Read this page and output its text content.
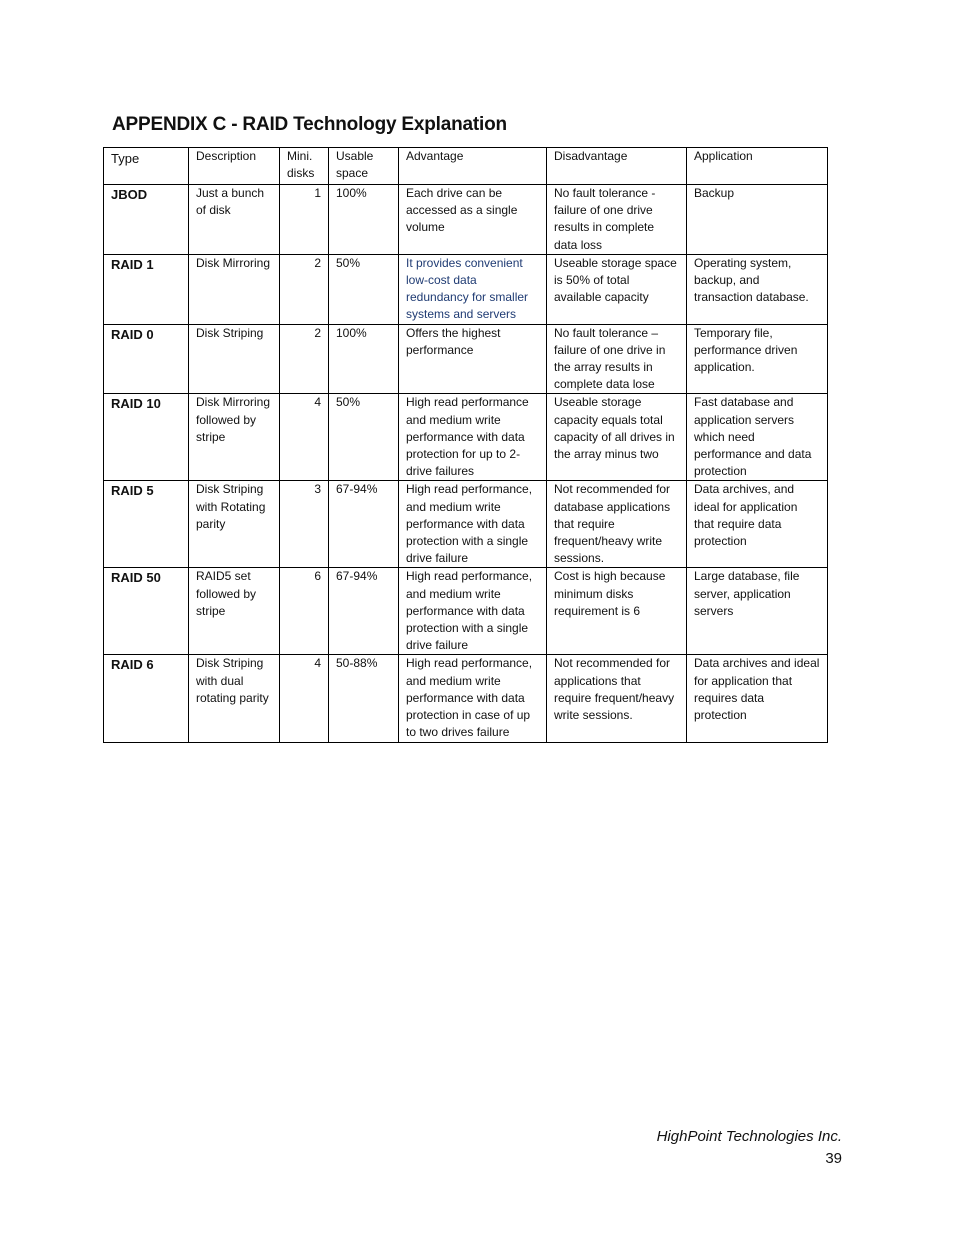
APPENDIX C - RAID Technology Explanation
Type	Description	Mini. disks	Usable space	Advantage	Disadvantage	Application
JBOD	Just a bunch of disk	1	100%	Each drive can be accessed as a single volume	No fault tolerance - failure of one drive results in complete data loss	Backup
RAID 1	Disk Mirroring	2	50%	It provides convenient low-cost data redundancy for smaller systems and servers	Useable storage space is 50% of total available capacity	Operating system, backup, and transaction database.
RAID 0	Disk Striping	2	100%	Offers the highest performance	No fault tolerance – failure of one drive in the array results in complete data lose	Temporary file, performance driven application.
RAID 10	Disk Mirroring followed by stripe	4	50%	High read performance and medium write performance with data protection for up to 2-drive failures	Useable storage capacity equals total capacity of all drives in the array minus two	Fast database and application servers which need performance and data protection
RAID 5	Disk Striping with Rotating parity	3	67-94%	High read performance, and medium write performance with data protection with a single drive failure	Not recommended for database applications that require frequent/heavy write sessions.	Data archives, and ideal for application that require data protection
RAID 50	RAID5 set followed by stripe	6	67-94%	High read performance, and medium write performance with data protection with a single drive failure	Cost is high because minimum disks requirement is 6	Large database, file server, application servers
RAID 6	Disk Striping with dual rotating parity	4	50-88%	High read performance, and medium write performance with data protection in case of up to two drives failure	Not recommended for applications that require frequent/heavy write sessions.	Data archives and ideal for application that requires data protection
HighPoint Technologies Inc.
39
